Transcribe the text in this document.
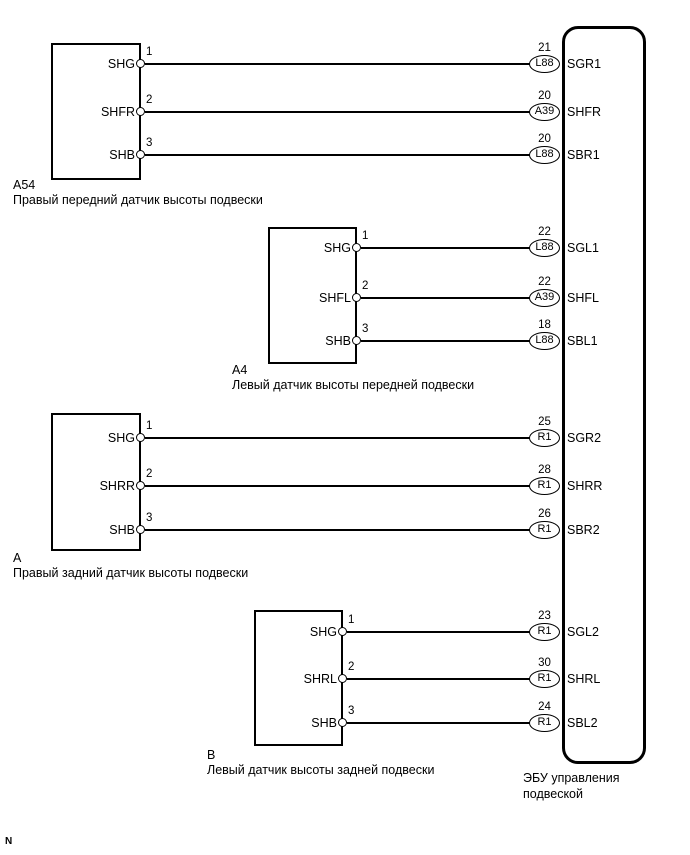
ЭБУ управления
подвеской
A54
Правый передний датчик высоты подвески
SHG
1	21
L88	SGR1
SHFR
2	20
A39	SHFR
SHB
3	20
L88	SBR1
A4
Левый датчик высоты передней подвески
SHG
1	22
L88	SGL1
SHFL
2	22
A39	SHFL
SHB
3	18
L88	SBL1
A
Правый задний датчик высоты подвески
SHG
1	25
R1	SGR2
SHRR
2	28
R1	SHRR
SHB
3	26
R1	SBR2
B
Левый датчик высоты задней подвески
SHG
1	23
R1	SGL2
SHRL
2	30
R1	SHRL
SHB
3	24
R1	SBL2
N
